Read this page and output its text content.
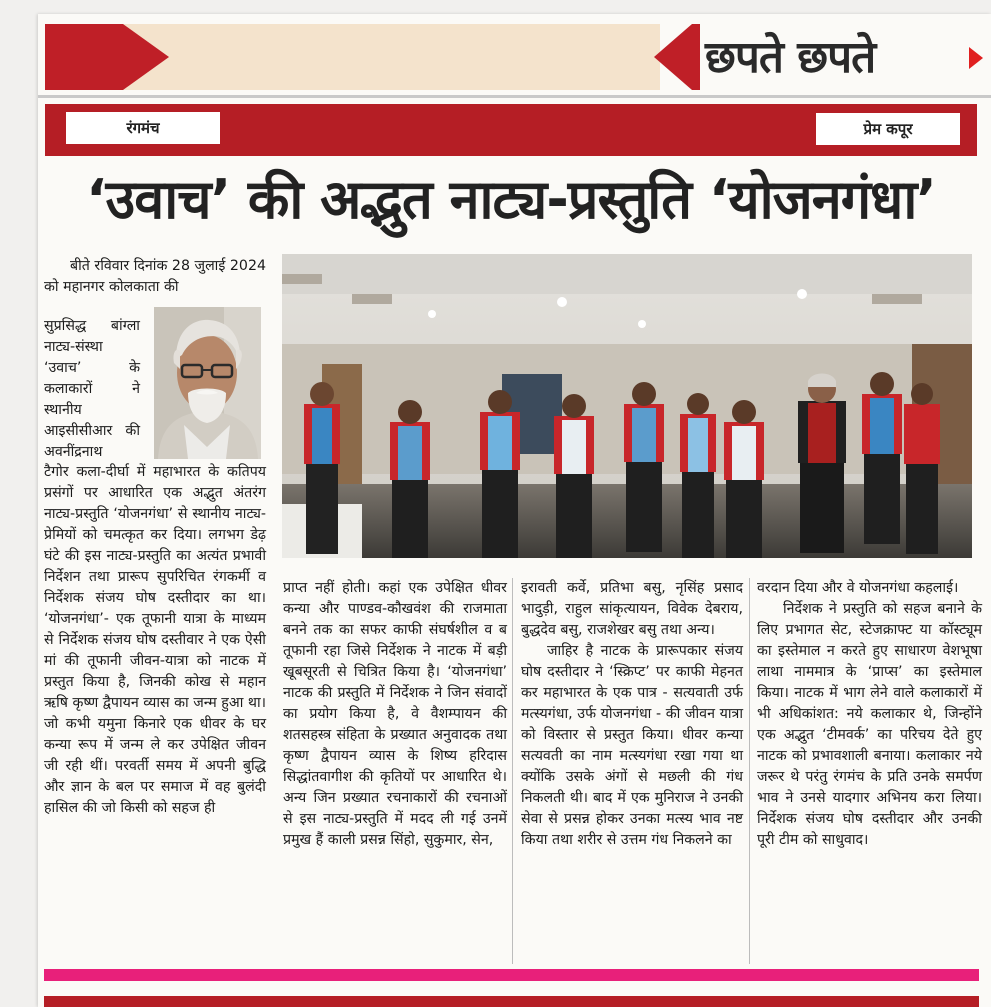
छपते छपते
रंगमंच	प्रेम कपूर
‘उवाच’ की अद्भुत नाट्य-प्रस्तुति ‘योजनगंधा’

बीते रविवार दिनांक 28 जुलाई 2024 को महानगर कोलकाता की

सुप्रसिद्ध बांग्ला नाट्य-संस्था ‘उवाच’ के कलाकारों ने स्थानीय आइसीसीआर की अवनींद्रनाथ

टैगोर कला-दीर्घा में महाभारत के कतिपय प्रसंगों पर आधारित एक अद्भुत अंतरंग नाट्य-प्रस्तुति ‘योजनगंधा’ से स्थानीय नाट्य-प्रेमियों को चमत्कृत कर दिया। लगभग डेढ़ घंटे की इस नाट्य-प्रस्तुति का अत्यंत प्रभावी निर्देशन तथा प्रारूप सुपरिचित रंगकर्मी व निर्देशक संजय घोष दस्तीदार का था। ‘योजनगंधा’- एक तूफानी यात्रा के माध्यम से निर्देशक संजय घोष दस्तीवार ने एक ऐसी मां की तूफानी जीवन-यात्रा को नाटक में प्रस्तुत किया है, जिनकी कोख से महान ऋषि कृष्ण द्वैपायन व्यास का जन्म हुआ था। जो कभी यमुना किनारे एक धीवर के घर कन्या रूप में जन्म ले कर उपेक्षित जीवन जी रही थीं। परवर्ती समय में अपनी बुद्धि और ज्ञान के बल पर समाज में वह बुलंदी हासिल की जो किसी को सहज ही

प्राप्त नहीं होती। कहां एक उपेक्षित धीवर कन्या और पाण्डव-कौखवंश की राजमाता बनने तक का सफर काफी संघर्षशील व ब तूफानी रहा जिसे निर्देशक ने नाटक में बड़ी खूबसूरती से चित्रित किया है। ‘योजनगंधा’ नाटक की प्रस्तुति में निर्देशक ने जिन संवादों का प्रयोग किया है, वे वैशम्पायन की शतसहस्त्र संहिता के प्रख्यात अनुवादक तथा कृष्ण द्वैपायन व्यास के शिष्य हरिदास सिद्धांतवागीश की कृतियों पर आधारित थे। अन्य जिन प्रख्यात रचनाकारों की रचनाओं से इस नाट्य-प्रस्तुति में मदद ली गई उनमें प्रमुख हैं काली प्रसन्न सिंहो, सुकुमार, सेन,

इरावती कर्वे, प्रतिभा बसु, नृसिंह प्रसाद भादुड़ी, राहुल सांकृत्यायन, विवेक देबराय, बुद्धदेव बसु, राजशेखर बसु तथा अन्य।

जाहिर है नाटक के प्रारूपकार संजय घोष दस्तीदार ने ‘स्क्रिप्ट’ पर काफी मेहनत कर महाभारत के एक पात्र - सत्यवाती उर्फ मत्स्यगंधा, उर्फ योजनगंधा - की जीवन यात्रा को विस्तार से प्रस्तुत किया। धीवर कन्या सत्यवती का नाम मत्स्यगंधा रखा गया था क्योंकि उसके अंगों से मछली की गंध निकलती थी। बाद में एक मुनिराज ने उनकी सेवा से प्रसन्न होकर उनका मत्स्य भाव नष्ट किया तथा शरीर से उत्तम गंध निकलने का

वरदान दिया और वे योजनगंधा कहलाई।

निर्देशक ने प्रस्तुति को सहज बनाने के लिए प्रभागत सेट, स्टेजक्राफ्ट या कॉस्ट्यूम का इस्तेमाल न करते हुए साधारण वेशभूषा लाथा नाममात्र के ‘प्राप्स’ का इस्तेमाल किया। नाटक में भाग लेने वाले कलाकारों में भी अधिकांशत: नये कलाकार थे, जिन्होंने एक अद्भुत ‘टीमवर्क’ का परिचय देते हुए नाटक को प्रभावशाली बनाया। कलाकार नये जरूर थे परंतु रंगमंच के प्रति उनके समर्पण भाव ने उनसे यादगार अभिनय करा लिया। निर्देशक संजय घोष दस्तीदार और उनकी पूरी टीम को साधुवाद।
